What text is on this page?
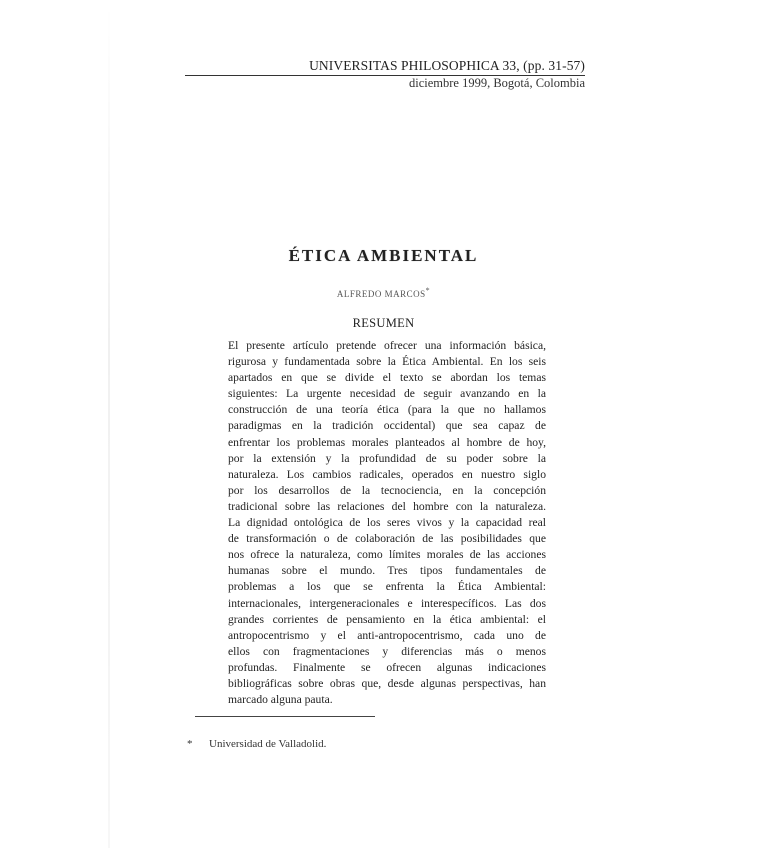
UNIVERSITAS PHILOSOPHICA 33, (pp. 31-57)
diciembre 1999, Bogotá, Colombia
ÉTICA AMBIENTAL
ALFREDO MARCOS*
RESUMEN
El presente artículo pretende ofrecer una información básica,
rigurosa y fundamentada sobre la Ética Ambiental. En los seis
apartados en que se divide el texto se abordan los temas
siguientes: La urgente necesidad de seguir avanzando en la
construcción de una teoría ética (para la que no hallamos
paradigmas en la tradición occidental) que sea capaz de
enfrentar los problemas morales planteados al hombre de hoy,
por la extensión y la profundidad de su poder sobre la
naturaleza. Los cambios radicales, operados en nuestro siglo
por los desarrollos de la tecnociencia, en la concepción
tradicional sobre las relaciones del hombre con la naturaleza.
La dignidad ontológica de los seres vivos y la capacidad real
de transformación o de colaboración de las posibilidades que
nos ofrece la naturaleza, como límites morales de las acciones
humanas sobre el mundo. Tres tipos fundamentales de
problemas a los que se enfrenta la Ética Ambiental:
internacionales, intergeneracionales e interespecíficos. Las dos
grandes corrientes de pensamiento en la ética ambiental: el
antropocentrismo y el anti-antropocentrismo, cada uno de
ellos con fragmentaciones y diferencias más o menos
profundas. Finalmente se ofrecen algunas indicaciones
bibliográficas sobre obras que, desde algunas perspectivas, han
marcado alguna pauta.
* Universidad de Valladolid.
